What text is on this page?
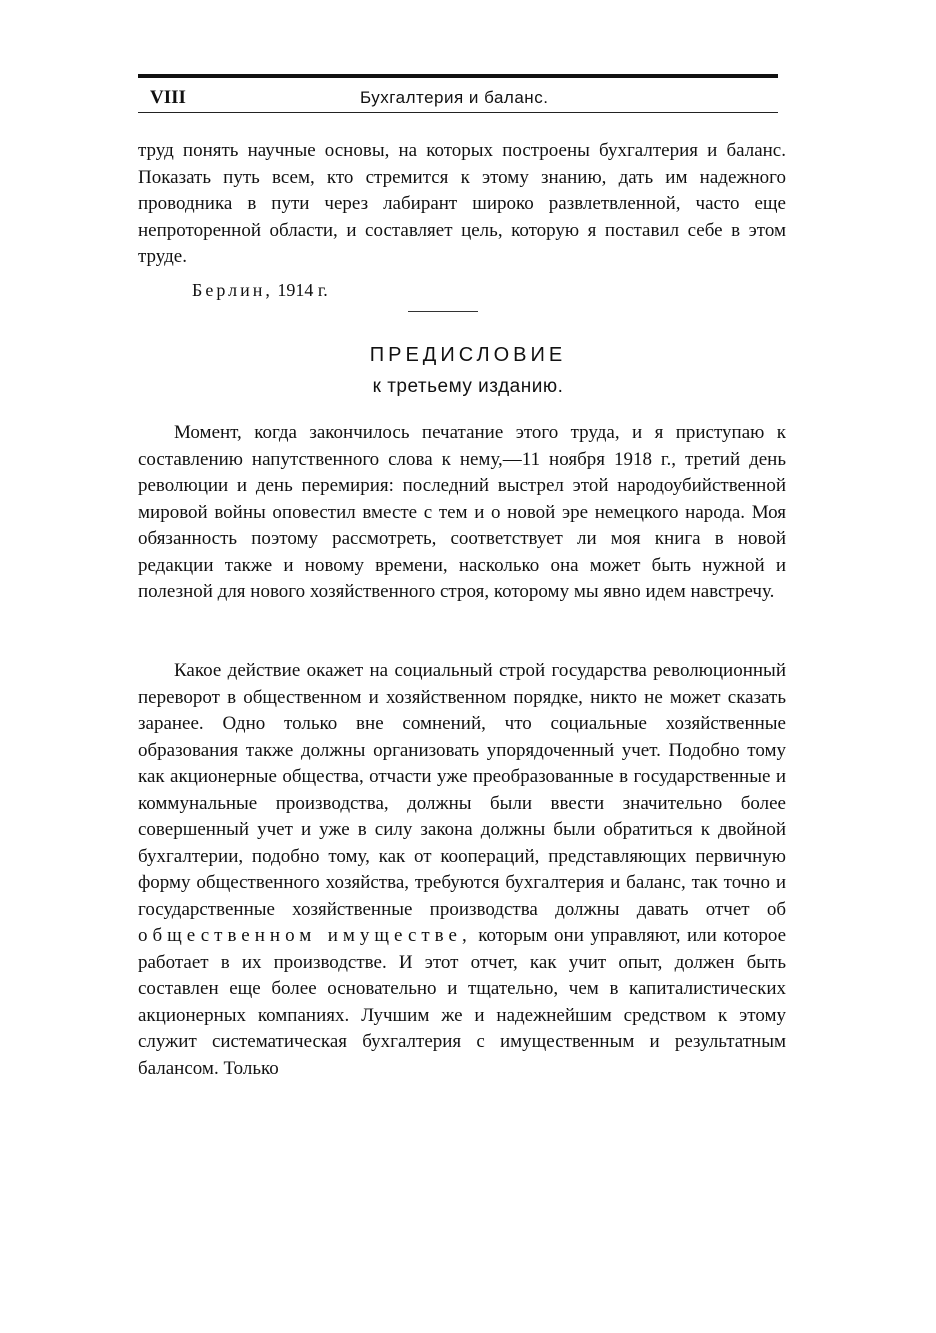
VIII	Бухгалтерия и баланс.
труд понять научные основы, на которых построены бухгалтерия и баланс. Показать путь всем, кто стремится к этому знанию, дать им надежного проводника в пути через лабирант широко развлетвленной, часто еще непроторенной области, и составляет цель, которую я поставил себе в этом труде.
Берлин, 1914 г.
ПРЕДИСЛОВИЕ
к третьему изданию.
Момент, когда закончилось печатание этого труда, и я приступаю к составлению напутственного слова к нему,—11 ноября 1918 г., третий день революции и день перемирия: последний выстрел этой народоубийственной мировой войны оповестил вместе с тем и о новой эре немецкого народа. Моя обязанность поэтому рассмотреть, соответствует ли моя книга в новой редакции также и новому времени, насколько она может быть нужной и полезной для нового хозяйственного строя, которому мы явно идем навстречу.
Какое действие окажет на социальный строй государства революционный переворот в общественном и хозяйственном порядке, никто не может сказать заранее. Одно только вне сомнений, что социальные хозяйственные образования также должны организовать упорядоченный учет. Подобно тому как акционерные общества, отчасти уже преобразованные в государственные и коммунальные производства, должны были ввести значительно более совершенный учет и уже в силу закона должны были обратиться к двойной бухгалтерии, подобно тому, как от коопераций, представляющих первичную форму общественного хозяйства, требуются бухгалтерия и баланс, так точно и государственные хозяйственные производства должны давать отчет об общественном имуществе, которым они управляют, или которое работает в их производстве. И этот отчет, как учит опыт, должен быть составлен еще более основательно и тщательно, чем в капиталистических акционерных компаниях. Лучшим же и надежнейшим средством к этому служит систематическая бухгалтерия с имущественным и результатным балансом. Только
